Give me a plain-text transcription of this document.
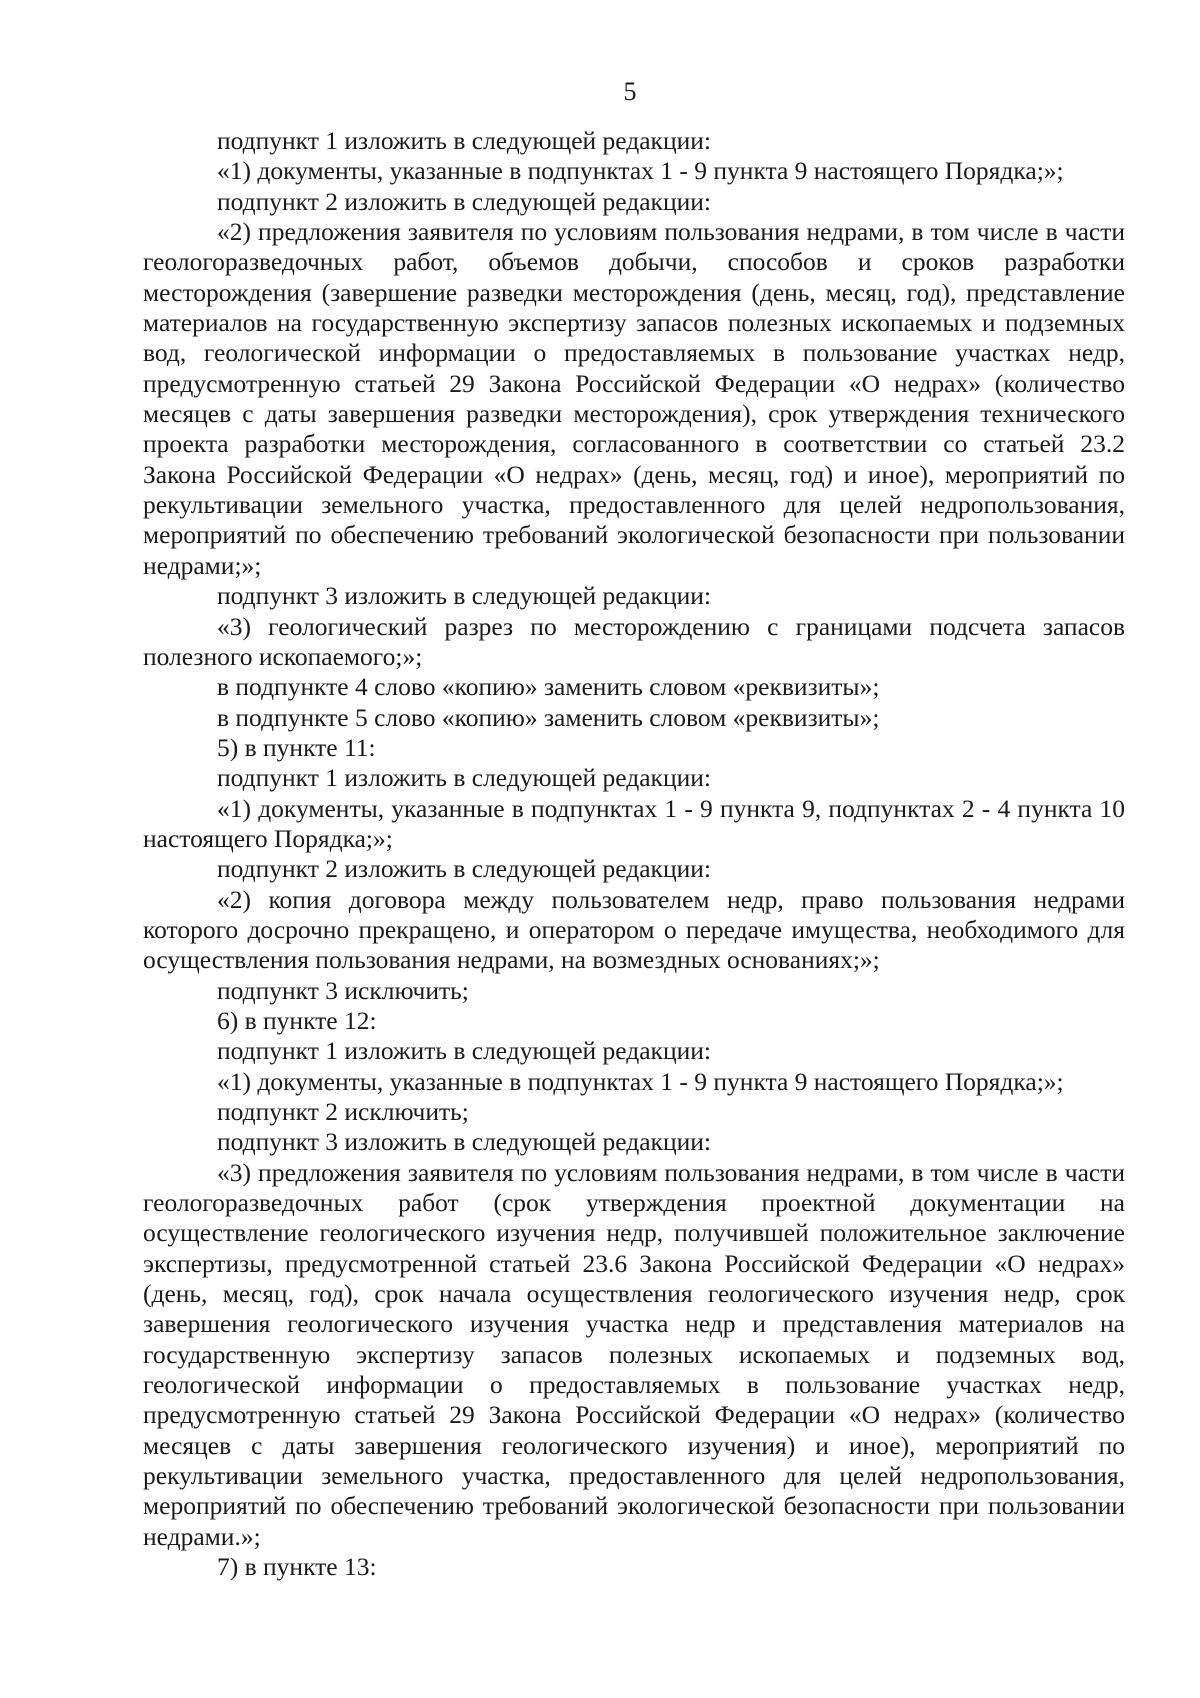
5

подпункт 1 изложить в следующей редакции:

«1) документы, указанные в подпунктах 1 - 9 пункта 9 настоящего Порядка;»;

подпункт 2 изложить в следующей редакции:

«2) предложения заявителя по условиям пользования недрами, в том числе в части геологоразведочных работ, объемов добычи, способов и сроков разработки месторождения (завершение разведки месторождения (день, месяц, год), представление материалов на государственную экспертизу запасов полезных ископаемых и подземных вод, геологической информации о предоставляемых в пользование участках недр, предусмотренную статьей 29 Закона Российской Федерации «О недрах» (количество месяцев с даты завершения разведки месторождения), срок утверждения технического проекта разработки месторождения, согласованного в соответствии со статьей 23.2 Закона Российской Федерации «О недрах» (день, месяц, год) и иное), мероприятий по рекультивации земельного участка, предоставленного для целей недропользования, мероприятий по обеспечению требований экологической безопасности при пользовании недрами;»;

подпункт 3 изложить в следующей редакции:

«3) геологический разрез по месторождению с границами подсчета запасов полезного ископаемого;»;

в подпункте 4 слово «копию» заменить словом «реквизиты»;

в подпункте 5 слово «копию» заменить словом «реквизиты»;

5) в пункте 11:

подпункт 1 изложить в следующей редакции:

«1) документы, указанные в подпунктах 1 - 9 пункта 9, подпунктах 2 - 4 пункта 10 настоящего Порядка;»;

подпункт 2 изложить в следующей редакции:

«2) копия договора между пользователем недр, право пользования недрами которого досрочно прекращено, и оператором о передаче имущества, необходимого для осуществления пользования недрами, на возмездных основаниях;»;

подпункт 3 исключить;

6) в пункте 12:

подпункт 1 изложить в следующей редакции:

«1) документы, указанные в подпунктах 1 - 9 пункта 9 настоящего Порядка;»;

подпункт 2 исключить;

подпункт 3 изложить в следующей редакции:

«3) предложения заявителя по условиям пользования недрами, в том числе в части геологоразведочных работ (срок утверждения проектной документации на осуществление геологического изучения недр, получившей положительное заключение экспертизы, предусмотренной статьей 23.6 Закона Российской Федерации «О недрах» (день, месяц, год), срок начала осуществления геологического изучения недр, срок завершения геологического изучения участка недр и представления материалов на государственную экспертизу запасов полезных ископаемых и подземных вод, геологической информации о предоставляемых в пользование участках недр, предусмотренную статьей 29 Закона Российской Федерации «О недрах» (количество месяцев с даты завершения геологического изучения) и иное), мероприятий по рекультивации земельного участка, предоставленного для целей недропользования, мероприятий по обеспечению требований экологической безопасности при пользовании недрами.»;

7) в пункте 13:
